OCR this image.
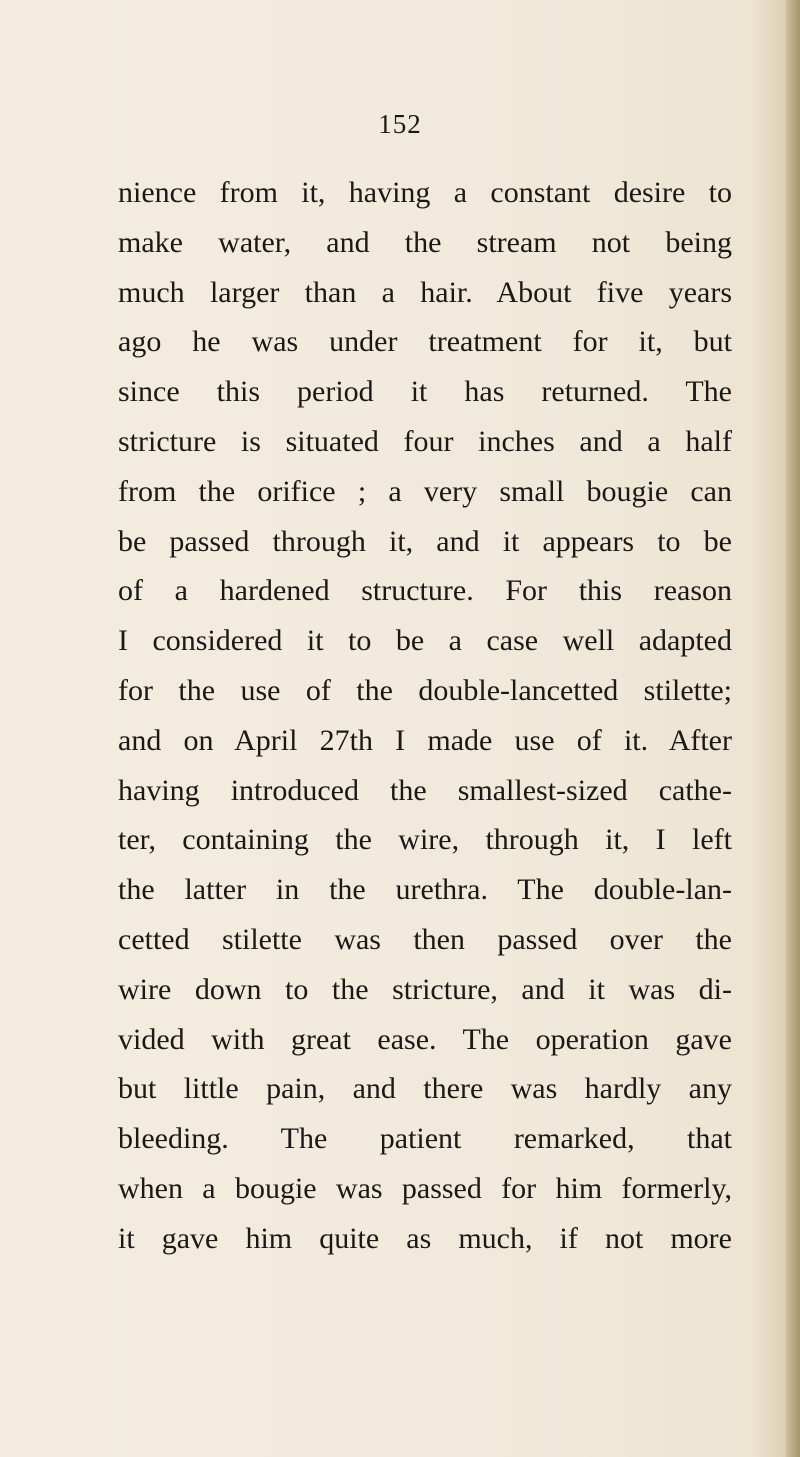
152
nience from it, having a constant desire to
make water, and the stream not being
much larger than a hair. About five years
ago he was under treatment for it, but
since this period it has returned. The
stricture is situated four inches and a half
from the orifice ; a very small bougie can
be passed through it, and it appears to be
of a hardened structure. For this reason
I considered it to be a case well adapted
for the use of the double-lancetted stilette;
and on April 27th I made use of it. After
having introduced the smallest-sized cathe-
ter, containing the wire, through it, I left
the latter in the urethra. The double-lan-
cetted stilette was then passed over the
wire down to the stricture, and it was di-
vided with great ease. The operation gave
but little pain, and there was hardly any
bleeding. The patient remarked, that
when a bougie was passed for him formerly,
it gave him quite as much, if not more
